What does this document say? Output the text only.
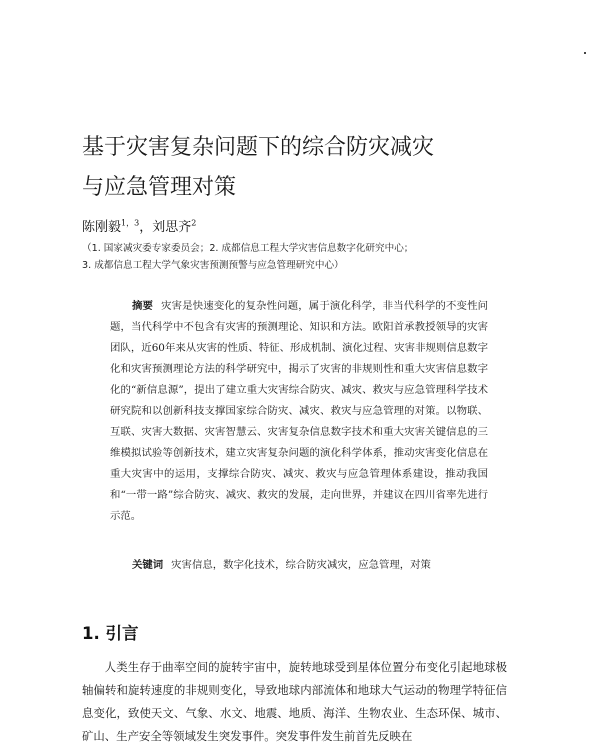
基于灾害复杂问题下的综合防灾减灾
与应急管理对策
陈刚毅$^{1,3}$，刘思齐$^2$
（1. 国家减灾委专家委员会；2. 成都信息工程大学灾害信息数字化研究中心；
3. 成都信息工程大学气象灾害预测预警与应急管理研究中心）
摘要 灾害是快速变化的复杂性问题，属于演化科学，非当代科学的不变性问题，当代科学中不包含有灾害的预测理论、知识和方法。欧阳首承教授领导的灾害团队，近60年来从灾害的性质、特征、形成机制、演化过程、灾害非规则信息数字化和灾害预测理论方法的科学研究中，揭示了灾害的非规则性和重大灾害信息数字化的“新信息源”，提出了建立重大灾害综合防灾、减灾、救灾与应急管理科学技术研究院和以创新科技支撑国家综合防灾、减灾、救灾与应急管理的对策。以物联、互联、灾害大数据、灾害智慧云、灾害复杂信息数字技术和重大灾害关键信息的三维模拟试验等创新技术，建立灾害复杂问题的演化科学体系，推动灾害变化信息在重大灾害中的运用，支撑综合防灾、减灾、救灾与应急管理体系建设，推动我国和“一带一路”综合防灾、减灾、救灾的发展，走向世界，并建议在四川省率先进行示范。
关键词 灾害信息，数字化技术，综合防灾减灾，应急管理，对策
1. 引言
人类生存于曲率空间的旋转宇宙中，旋转地球受到星体位置分布变化引起地球极轴偏转和旋转速度的非规则变化，导致地球内部流体和地球大气运动的物理学特征信息变化，致使天文、气象、水文、地震、地质、海洋、生物农业、生态环保、城市、矿山、生产安全等领域发生突发事件。突发事件发生前首先反映在
